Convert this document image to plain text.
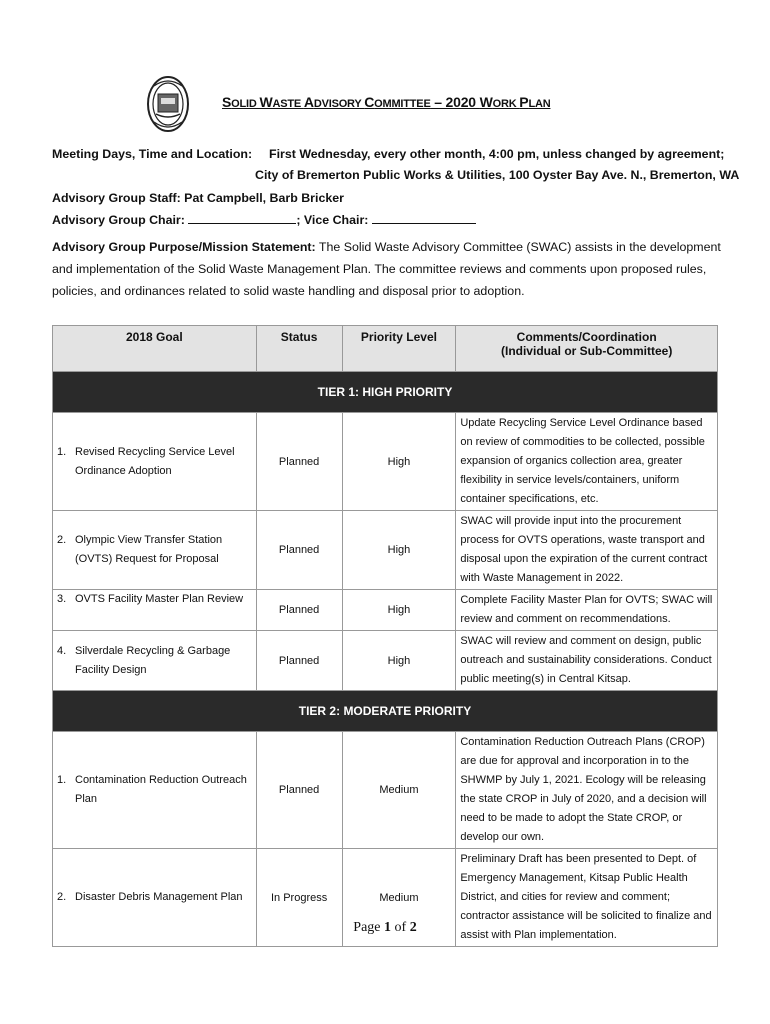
SOLID WASTE ADVISORY COMMITTEE – 2020 WORK PLAN
Meeting Days, Time and Location: First Wednesday, every other month, 4:00 pm, unless changed by agreement;
City of Bremerton Public Works & Utilities, 100 Oyster Bay Ave. N., Bremerton, WA
Advisory Group Staff: Pat Campbell, Barb Bricker
Advisory Group Chair:	; Vice Chair:
Advisory Group Purpose/Mission Statement: The Solid Waste Advisory Committee (SWAC) assists in the development and implementation of the Solid Waste Management Plan. The committee reviews and comments upon proposed rules, policies, and ordinances related to solid waste handling and disposal prior to adoption.
2018 Goal	Status	Priority Level	Comments/Coordination
(Individual or Sub-Committee)

TIER 1: HIGH PRIORITY			

1. Revised Recycling Service Level Ordinance Adoption	Planned	High	Update Recycling Service Level Ordinance based on review of commodities to be collected, possible expansion of organics collection area, greater flexibility in service levels/containers, uniform container specifications, etc.

2. Olympic View Transfer Station (OVTS) Request for Proposal	Planned	High	SWAC will provide input into the procurement process for OVTS operations, waste transport and disposal upon the expiration of the current contract with Waste Management in 2022.

3. OVTS Facility Master Plan Review	Planned	High	Complete Facility Master Plan for OVTS; SWAC will review and comment on recommendations.

4. Silverdale Recycling & Garbage Facility Design	Planned	High	SWAC will review and comment on design, public outreach and sustainability considerations. Conduct public meeting(s) in Central Kitsap.
TIER 2: MODERATE PRIORITY			

1. Contamination Reduction Outreach Plan	Planned	Medium	Contamination Reduction Outreach Plans (CROP) are due for approval and incorporation in to the SHWMP by July 1, 2021. Ecology will be releasing the state CROP in July of 2020, and a decision will need to be made to adopt the State CROP, or develop our own.

2. Disaster Debris Management Plan	In Progress	Medium	Preliminary Draft has been presented to Dept. of Emergency Management, Kitsap Public Health District, and cities for review and comment; contractor assistance will be solicited to finalize and assist with Plan implementation.
Page 1 of 2
